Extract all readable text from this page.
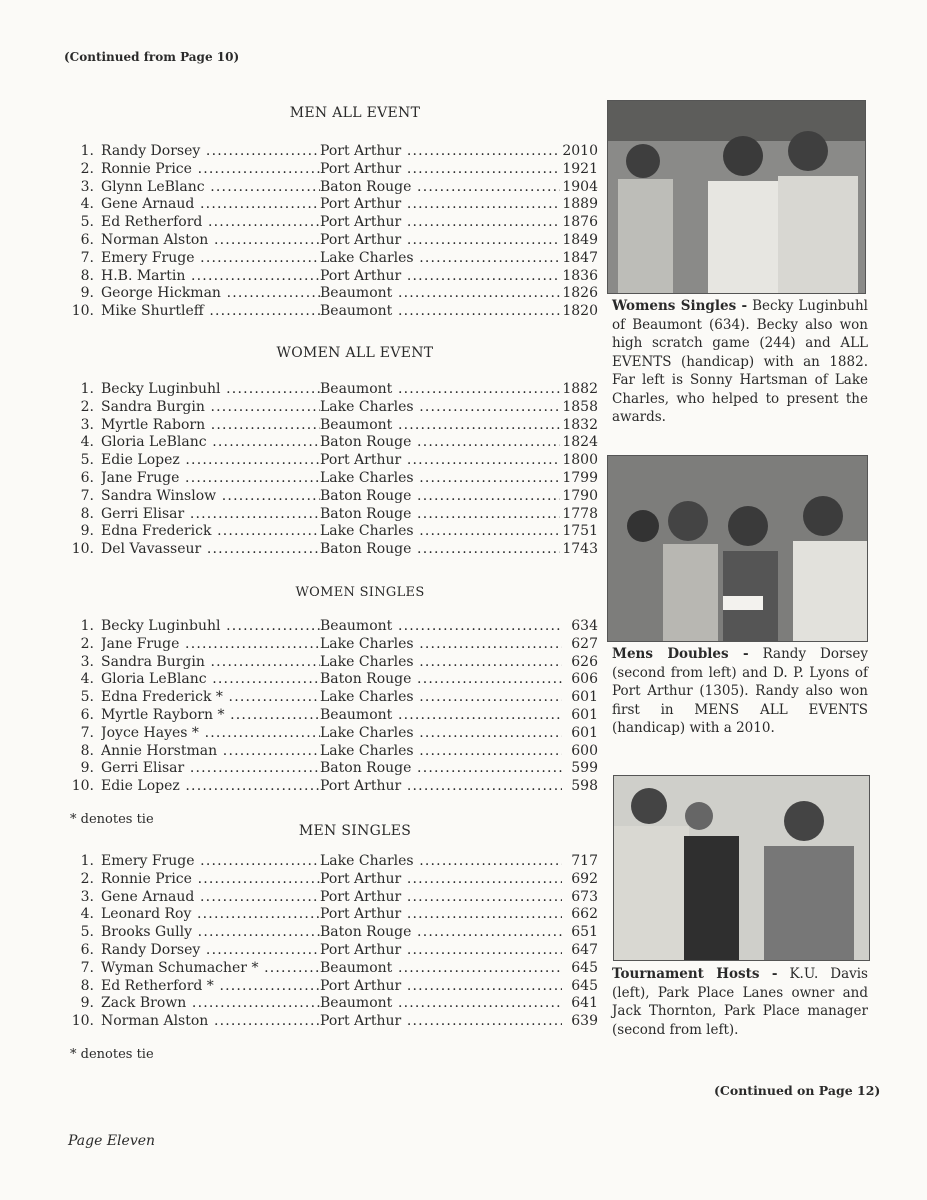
(Continued from Page 10)
MEN ALL EVENT
1. Randy Dorsey .....	Port Arthur .....	2010
2. Ronnie Price .....	Port Arthur .....	1921
3. Glynn LeBlanc .....	Baton Rouge .....	1904
4. Gene Arnaud .....	Port Arthur .....	1889
5. Ed Retherford .....	Port Arthur .....	1876
6. Norman Alston .....	Port Arthur .....	1849
7. Emery Fruge .....	Lake Charles .....	1847
8. H.B. Martin .....	Port Arthur .....	1836
9. George Hickman .....	Beaumont .....	1826
10. Mike Shurtleff .....	Beaumont .....	1820
WOMEN ALL EVENT
1. Becky Luginbuhl .....	Beaumont .....	1882
2. Sandra Burgin .....	Lake Charles .....	1858
3. Myrtle Raborn .....	Beaumont .....	1832
4. Gloria LeBlanc .....	Baton Rouge .....	1824
5. Edie Lopez .....	Port Arthur .....	1800
6. Jane Fruge .....	Lake Charles .....	1799
7. Sandra Winslow .....	Baton Rouge .....	1790
8. Gerri Elisar .....	Baton Rouge .....	1778
9. Edna Frederick .....	Lake Charles .....	1751
10. Del Vavasseur .....	Baton Rouge .....	1743
WOMEN SINGLES
1. Becky Luginbuhl .....	Beaumont .....	634
2. Jane Fruge .....	Lake Charles .....	627
3. Sandra Burgin .....	Lake Charles .....	626
4. Gloria LeBlanc .....	Baton Rouge .....	606
5. Edna Frederick * .....	Lake Charles .....	601
6. Myrtle Rayborn * .....	Beaumont .....	601
7. Joyce Hayes * .....	Lake Charles .....	601
8. Annie Horstman .....	Lake Charles .....	600
9. Gerri Elisar .....	Baton Rouge .....	599
10. Edie Lopez .....	Port Arthur .....	598
* denotes tie
MEN SINGLES
1. Emery Fruge .....	Lake Charles .....	717
2. Ronnie Price .....	Port Arthur .....	692
3. Gene Arnaud .....	Port Arthur .....	673
4. Leonard Roy .....	Port Arthur .....	662
5. Brooks Gully .....	Baton Rouge .....	651
6. Randy Dorsey .....	Port Arthur .....	647
7. Wyman Schumacher * .....	Beaumont .....	645
8. Ed Retherford * .....	Port Arthur .....	645
9. Zack Brown .....	Beaumont .....	641
10. Norman Alston .....	Port Arthur .....	639
* denotes tie
Womens Singles - Becky Luginbuhl of Beaumont (634). Becky also won high scratch game (244) and ALL EVENTS (handicap) with an 1882. Far left is Sonny Hartsman of Lake Charles, who helped to present the awards.
Mens Doubles - Randy Dorsey (second from left) and D. P. Lyons of Port Arthur (1305). Randy also won first in MENS ALL EVENTS (handicap) with a 2010.
Tournament Hosts - K.U. Davis (left), Park Place Lanes owner and Jack Thornton, Park Place manager (second from left).
(Continued on Page 12)
Page Eleven
